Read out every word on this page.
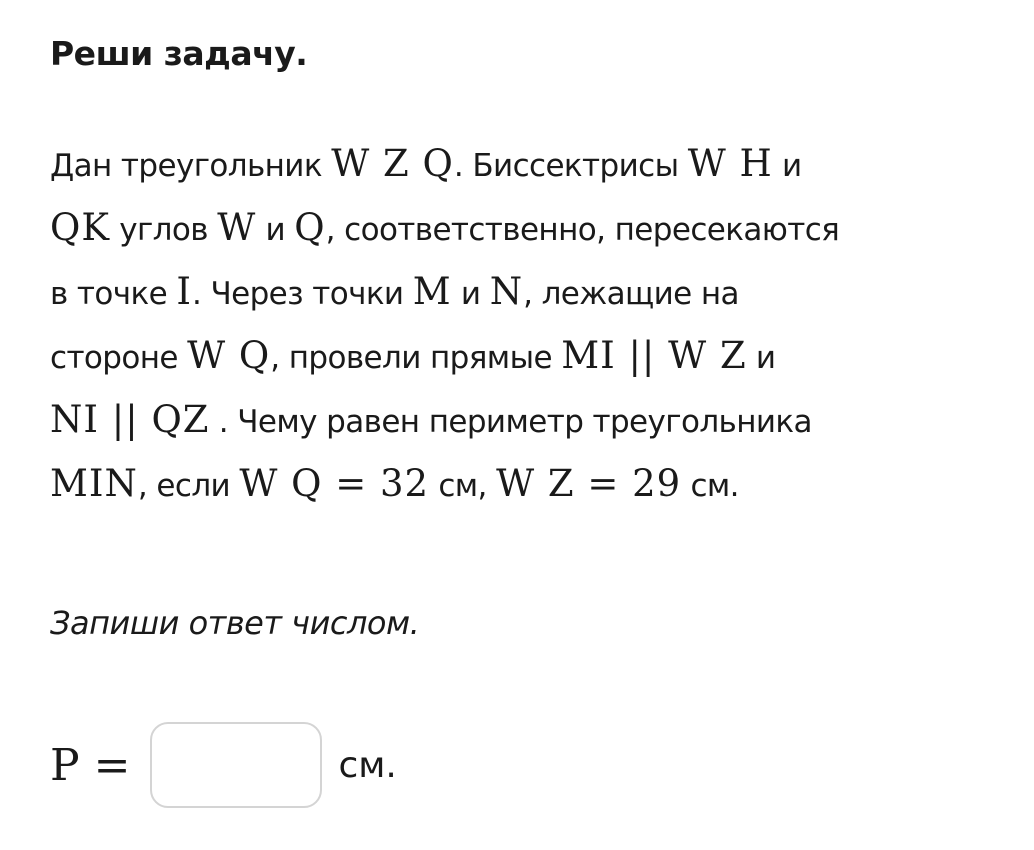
Реши задачу.
Дан треугольник W Z Q. Биссектрисы W H и
QK углов W и Q, соответственно, пересекаются
в точке I. Через точки M и N, лежащие на
стороне W Q, провели прямые MI || W Z и
NI || QZ . Чему равен периметр треугольника
MIN, если W Q = 32 см, W Z = 29 см.
Запиши ответ числом.
P =	см.
